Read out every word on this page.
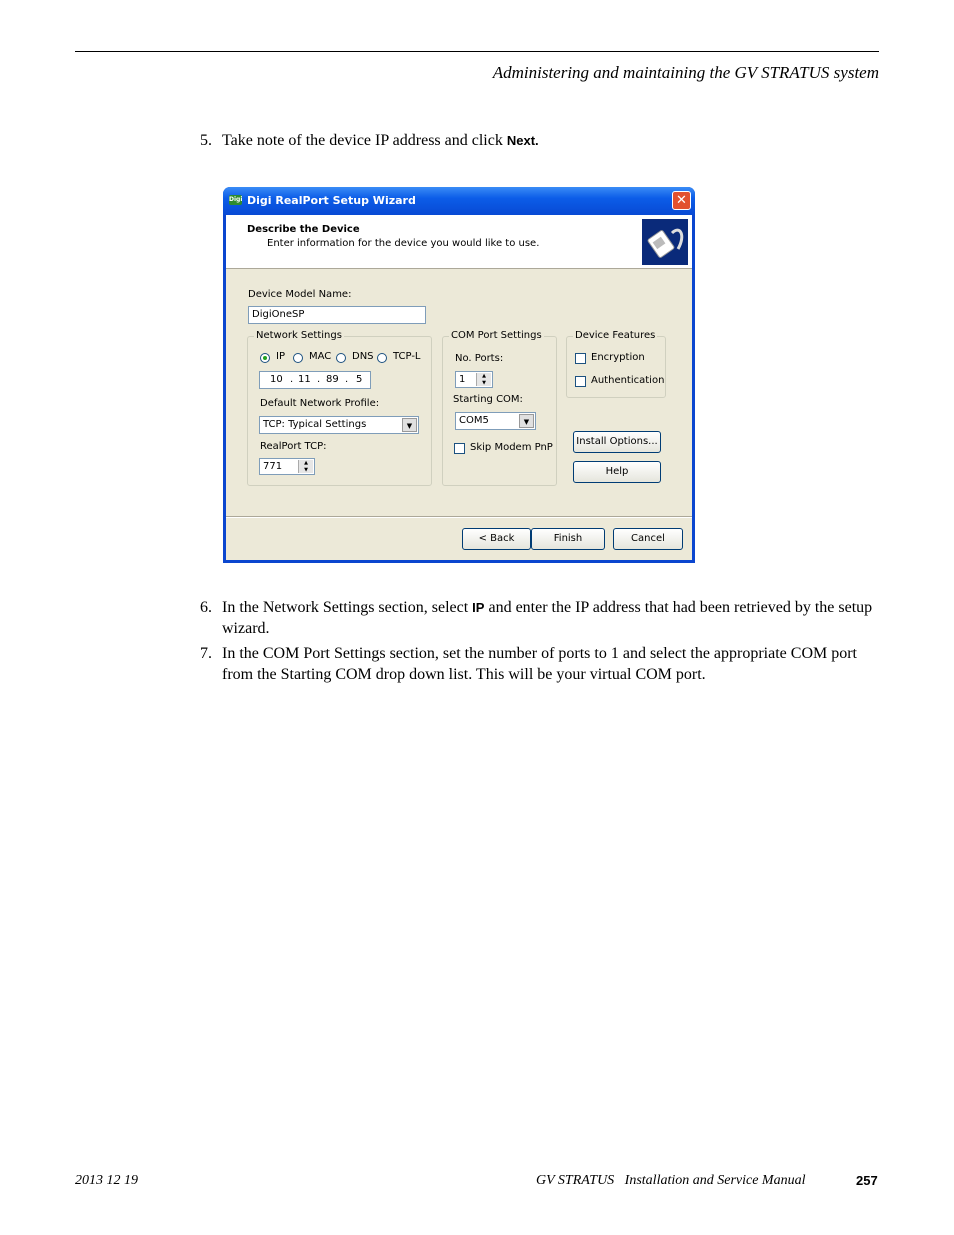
Administering and maintaining the GV STRATUS system
5. Take note of the device IP address and click Next.
Digi Digi RealPort Setup Wizard	✕
Describe the Device
Enter information for the device you would like to use.
Device Model Name:
DigiOneSP
Network Settings
IP MAC DNS TCP-L
10 . 11 . 89 . 5
Default Network Profile:
TCP: Typical Settings	▼
RealPort TCP:
771	▲
▼
COM Port Settings
No. Ports:
1	▲
▼
Starting COM:
COM5	▼
Skip Modem PnP
Device Features
Encryption
Authentication
Install Options...
Help
< Back	Finish	Cancel
6. In the Network Settings section, select IP and enter the IP address that had been retrieved by the setup wizard.
7. In the COM Port Settings section, set the number of ports to 1 and select the appropriate COM port from the Starting COM drop down list. This will be your virtual COM port.
2013 12 19	GV STRATUS   Installation and Service Manual	257
